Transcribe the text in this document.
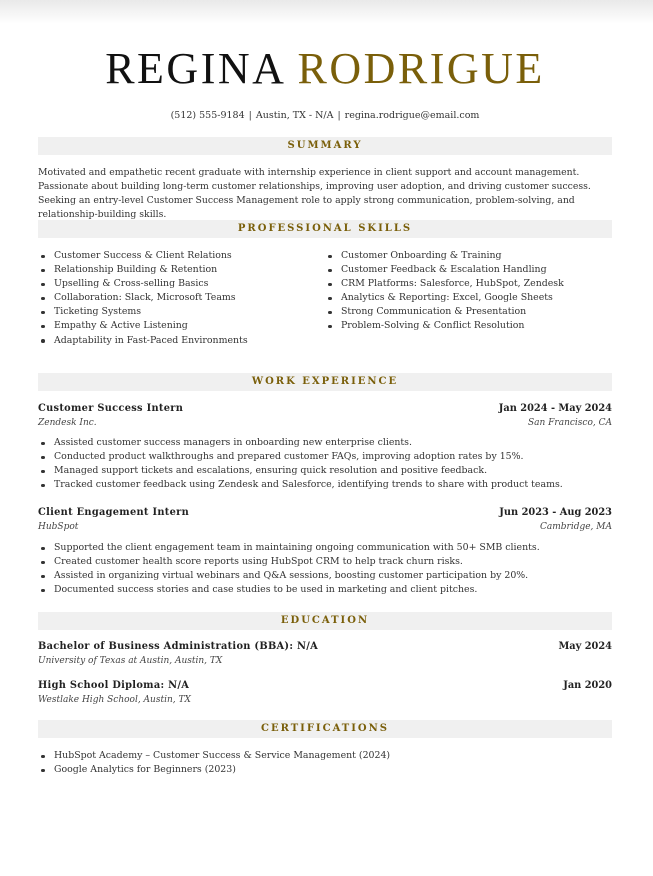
REGINA RODRIGUE
(512) 555-9184 | Austin, TX - N/A | regina.rodrigue@email.com
SUMMARY
Motivated and empathetic recent graduate with internship experience in client support and account management. Passionate about building long-term customer relationships, improving user adoption, and driving customer success. Seeking an entry-level Customer Success Management role to apply strong communication, problem-solving, and relationship-building skills.
PROFESSIONAL SKILLS
Customer Success & Client Relations
Relationship Building & Retention
Upselling & Cross-selling Basics
Collaboration: Slack, Microsoft Teams
Ticketing Systems
Empathy & Active Listening
Adaptability in Fast-Paced Environments
Customer Onboarding & Training
Customer Feedback & Escalation Handling
CRM Platforms: Salesforce, HubSpot, Zendesk
Analytics & Reporting: Excel, Google Sheets
Strong Communication & Presentation
Problem-Solving & Conflict Resolution
WORK EXPERIENCE
Customer Success Intern	Jan 2024 - May 2024
Zendesk Inc.	San Francisco, CA
Assisted customer success managers in onboarding new enterprise clients.
Conducted product walkthroughs and prepared customer FAQs, improving adoption rates by 15%.
Managed support tickets and escalations, ensuring quick resolution and positive feedback.
Tracked customer feedback using Zendesk and Salesforce, identifying trends to share with product teams.
Client Engagement Intern	Jun 2023 - Aug 2023
HubSpot	Cambridge, MA
Supported the client engagement team in maintaining ongoing communication with 50+ SMB clients.
Created customer health score reports using HubSpot CRM to help track churn risks.
Assisted in organizing virtual webinars and Q&A sessions, boosting customer participation by 20%.
Documented success stories and case studies to be used in marketing and client pitches.
EDUCATION
Bachelor of Business Administration (BBA): N/A	May 2024
University of Texas at Austin, Austin, TX
High School Diploma: N/A	Jan 2020
Westlake High School, Austin, TX
CERTIFICATIONS
HubSpot Academy – Customer Success & Service Management (2024)
Google Analytics for Beginners (2023)
